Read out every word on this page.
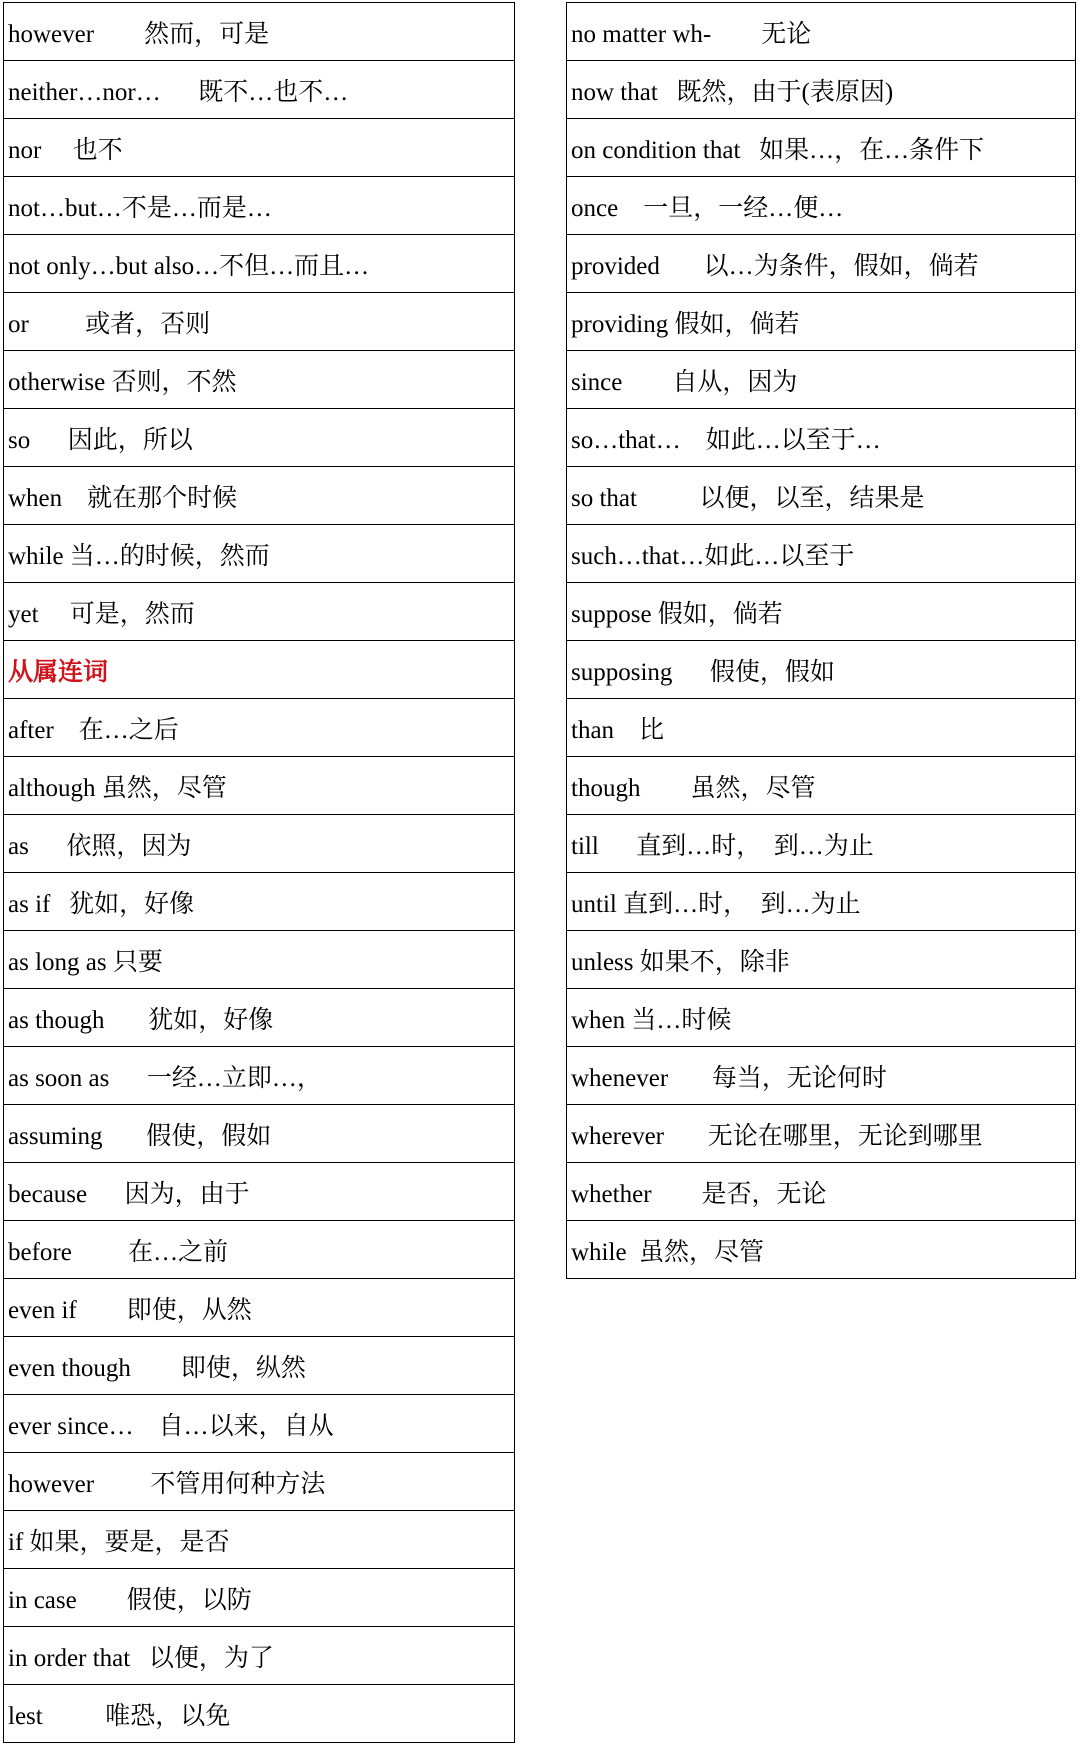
however        然而，可是
neither…nor…      既不…也不…
nor     也不
not…but…不是…而是…
not only…but also…不但…而且…
or         或者，否则
otherwise 否则，不然
so      因此，所以
when    就在那个时候
while 当…的时候，然而
yet     可是，然而
从属连词
after    在…之后
although 虽然，尽管
as      依照，因为
as if   犹如，好像
as long as 只要
as though       犹如，好像
as soon as      一经…立即…，
assuming       假使，假如
because      因为，由于
before         在…之前
even if        即使，从然
even though        即使，纵然
ever since…    自…以来，自从
however         不管用何种方法
if 如果，要是，是否
in case        假使，以防
in order that   以便，为了
lest          唯恐，以免
no matter wh-        无论
now that   既然，由于(表原因)
on condition that   如果…，在…条件下
once    一旦，一经…便…
provided       以…为条件，假如，倘若
providing 假如，倘若
since        自从，因为
so…that…    如此…以至于…
so that          以便，以至，结果是
such…that…如此…以至于
suppose 假如，倘若
supposing      假使，假如
than    比
though        虽然，尽管
till      直到…时，  到…为止
until 直到…时，  到…为止
unless 如果不，除非
when 当…时候
whenever       每当，无论何时
wherever       无论在哪里，无论到哪里
whether        是否，无论
while  虽然，尽管
